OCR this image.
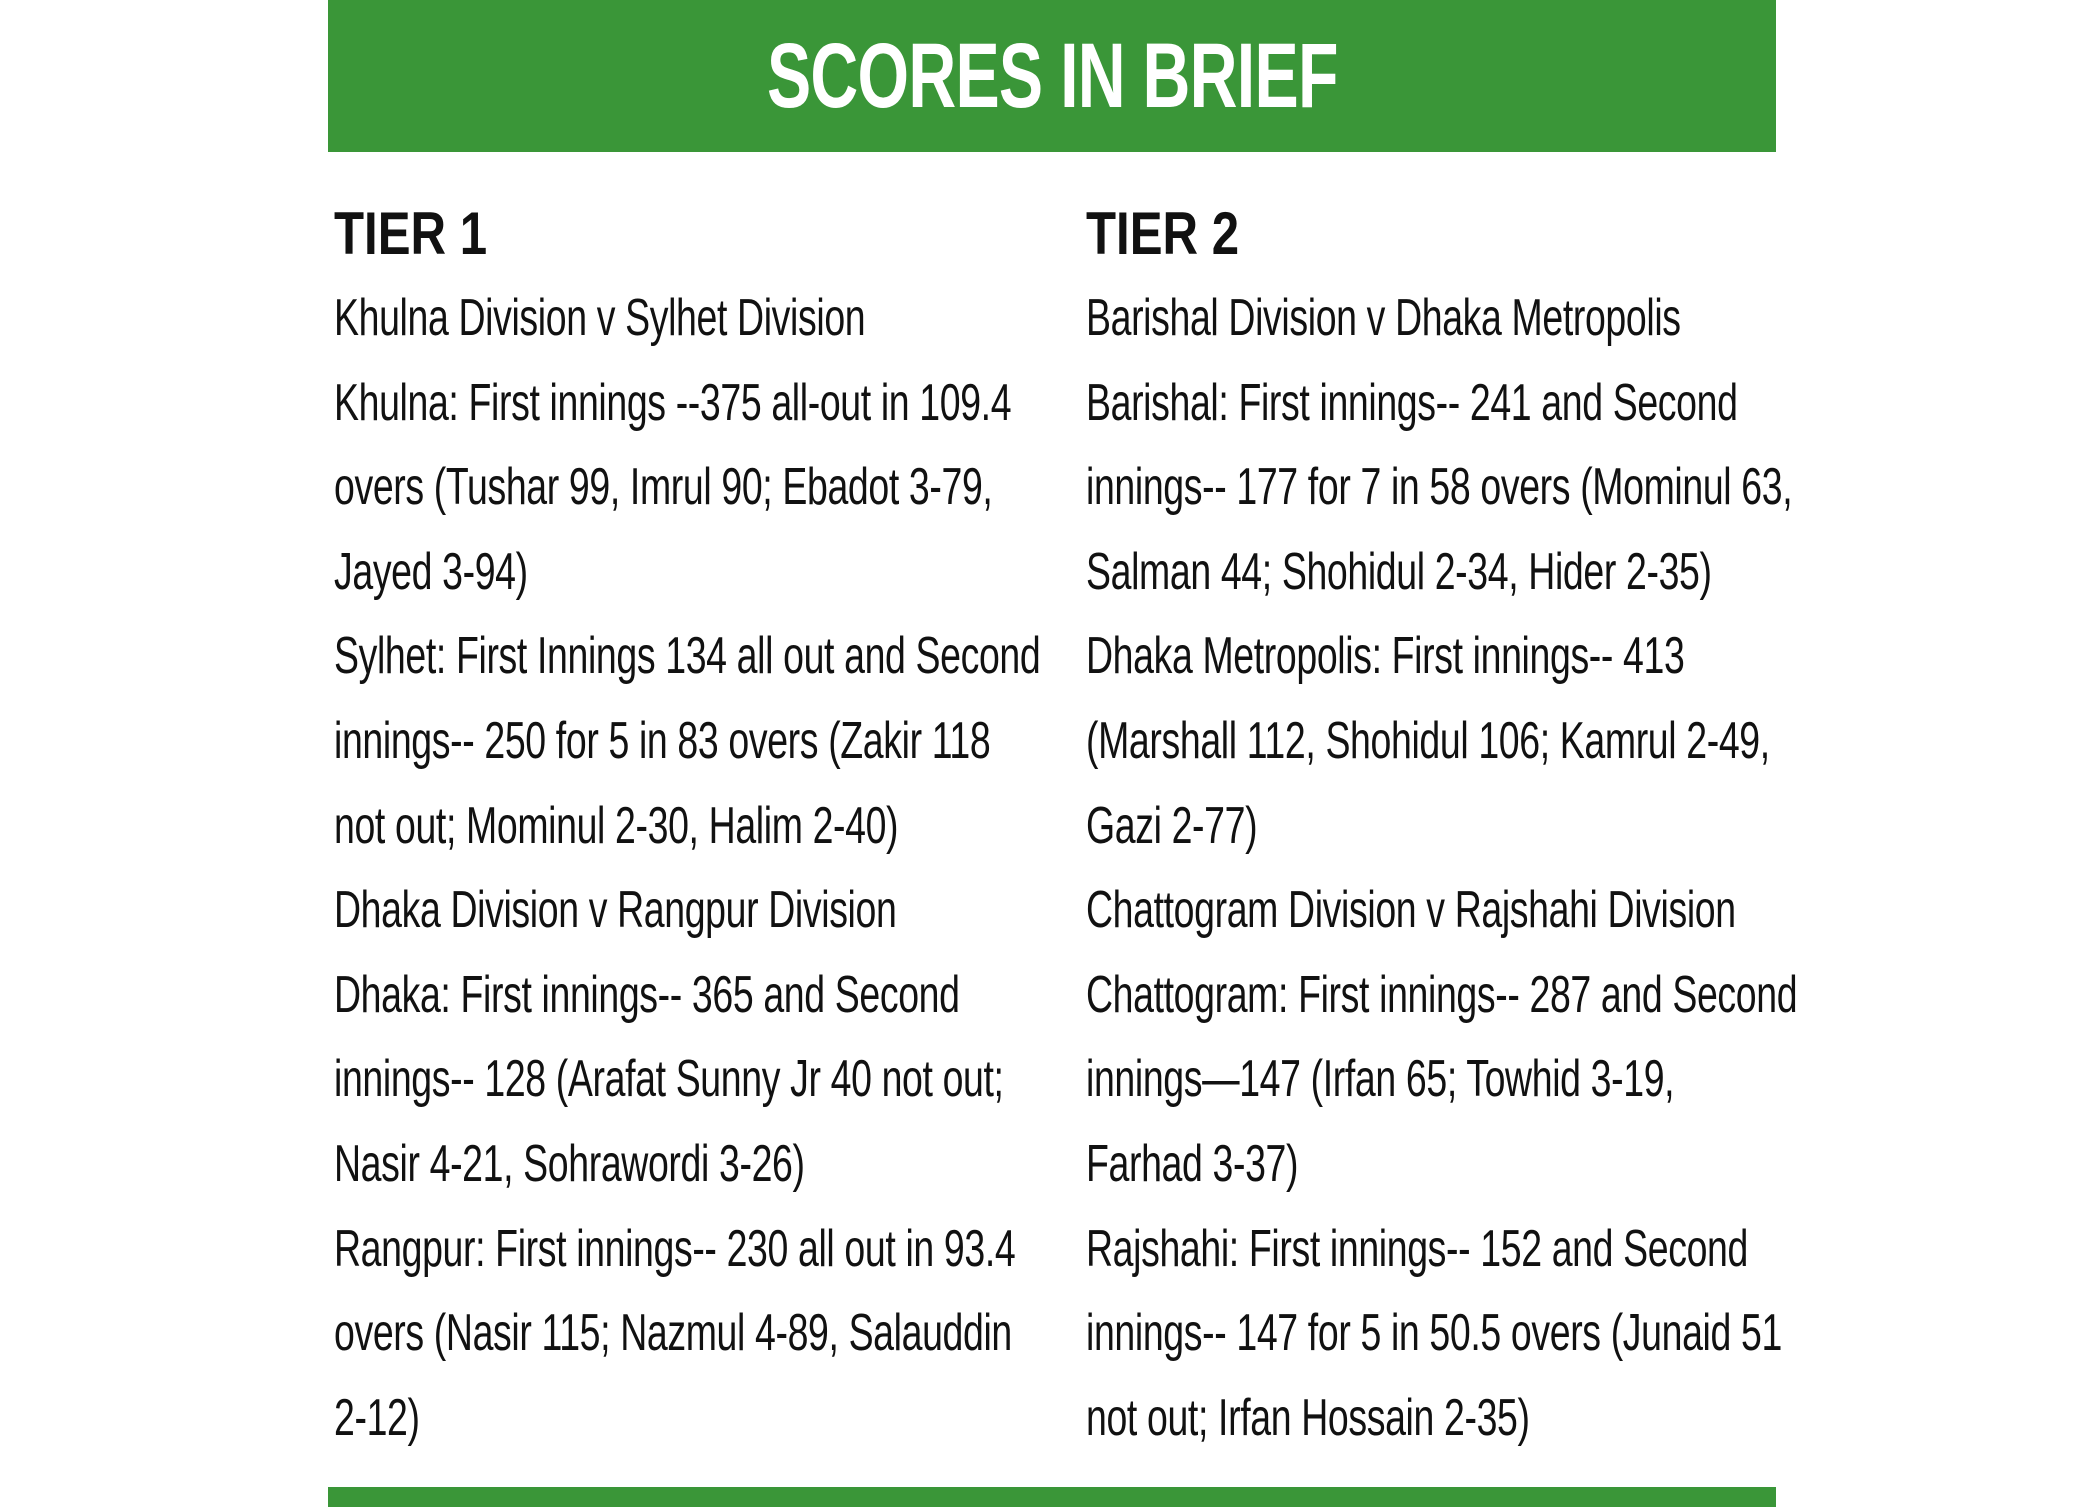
SCORES IN BRIEF
TIER 1
Khulna Division v Sylhet Division
Khulna: First innings --375 all-out in 109.4
overs (Tushar 99, Imrul 90; Ebadot 3-79,
Jayed 3-94)
Sylhet: First Innings 134 all out and Second
innings-- 250 for 5 in 83 overs (Zakir 118
not out; Mominul 2-30, Halim 2-40)
Dhaka Division v Rangpur Division
Dhaka: First innings-- 365 and Second
innings-- 128 (Arafat Sunny Jr 40 not out;
Nasir 4-21, Sohrawordi 3-26)
Rangpur: First innings-- 230 all out in 93.4
overs (Nasir 115; Nazmul 4-89, Salauddin
2-12)
TIER 2
Barishal Division v Dhaka Metropolis
Barishal: First innings-- 241 and Second
innings-- 177 for 7 in 58 overs (Mominul 63,
Salman 44; Shohidul 2-34, Hider 2-35)
Dhaka Metropolis: First innings-- 413
(Marshall 112, Shohidul 106; Kamrul 2-49,
Gazi 2-77)
Chattogram Division v Rajshahi Division
Chattogram: First innings-- 287 and Second
innings—147 (Irfan 65; Towhid 3-19,
Farhad 3-37)
Rajshahi: First innings-- 152 and Second
innings-- 147 for 5 in 50.5 overs (Junaid 51
not out; Irfan Hossain 2-35)
